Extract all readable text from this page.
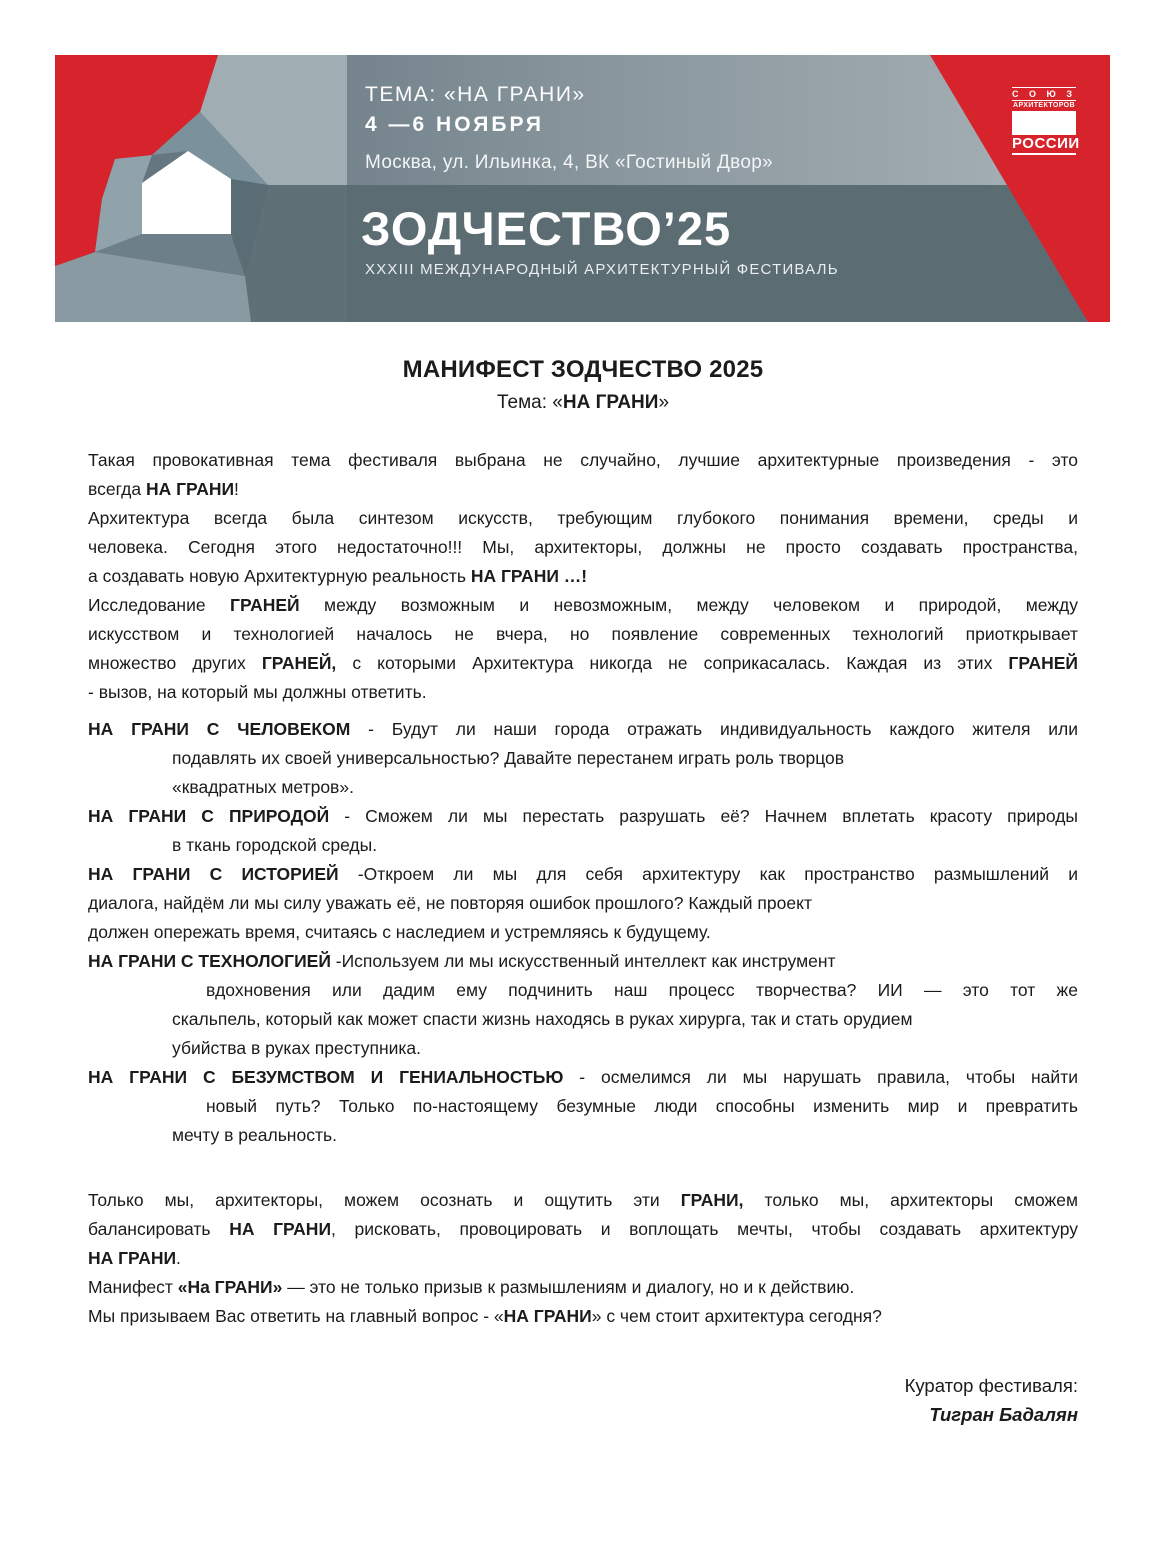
С О Ю З
АРХИТЕКТОРОВ
РОССИИ
ТЕМА: «НА ГРАНИ»
4 —6 НОЯБРЯ
Москва, ул. Ильинка, 4, ВК «Гостиный Двор»
ЗОДЧЕСТВО’25
XXXIII МЕЖДУНАРОДНЫЙ АРХИТЕКТУРНЫЙ ФЕСТИВАЛЬ
МАНИФЕСТ ЗОДЧЕСТВО 2025
Тема: «НА ГРАНИ»
Такая провокативная тема фестиваля выбрана не случайно, лучшие архитектурные произведения - это
всегда НА ГРАНИ!
Архитектура всегда была синтезом искусств, требующим глубокого понимания времени, среды и
человека. Сегодня этого недостаточно!!! Мы, архитекторы, должны не просто создавать пространства,
а создавать новую Архитектурную реальность НА ГРАНИ …!
Исследование ГРАНЕЙ между возможным и невозможным, между человеком и природой, между
искусством и технологией началось не вчера, но появление современных технологий приоткрывает
множество других ГРАНЕЙ, с которыми Архитектура никогда не соприкасалась. Каждая из этих ГРАНЕЙ
- вызов, на который мы должны ответить.
НА ГРАНИ С ЧЕЛОВЕКОМ - Будут ли наши города отражать индивидуальность каждого жителя или
подавлять их своей универсальностью? Давайте перестанем играть роль творцов
«квадратных метров».
НА ГРАНИ С ПРИРОДОЙ - Сможем ли мы перестать разрушать её? Начнем вплетать красоту природы
в ткань городской среды.
НА ГРАНИ С ИСТОРИЕЙ -Откроем ли мы для себя архитектуру как пространство размышлений и
диалога, найдём ли мы силу уважать её, не повторяя ошибок прошлого? Каждый проект
должен опережать время, считаясь с наследием и устремляясь к будущему.
НА ГРАНИ С ТЕХНОЛОГИЕЙ -Используем ли мы искусственный интеллект как инструмент
вдохновения или дадим ему подчинить наш процесс творчества? ИИ — это тот же
скальпель, который как может спасти жизнь находясь в руках хирурга, так и стать орудием
убийства в руках преступника.
НА ГРАНИ С БЕЗУМСТВОМ И ГЕНИАЛЬНОСТЬЮ - осмелимся ли мы нарушать правила, чтобы найти
новый путь? Только по-настоящему безумные люди способны изменить мир и превратить
мечту в реальность.
Только мы, архитекторы, можем осознать и ощутить эти ГРАНИ, только мы, архитекторы сможем
балансировать НА ГРАНИ, рисковать, провоцировать и воплощать мечты, чтобы создавать архитектуру
НА ГРАНИ.
Манифест «На ГРАНИ» — это не только призыв к размышлениям и диалогу, но и к действию.
Мы призываем Вас ответить на главный вопрос - «НА ГРАНИ» с чем стоит архитектура сегодня?
Куратор фестиваля:
Тигран Бадалян
